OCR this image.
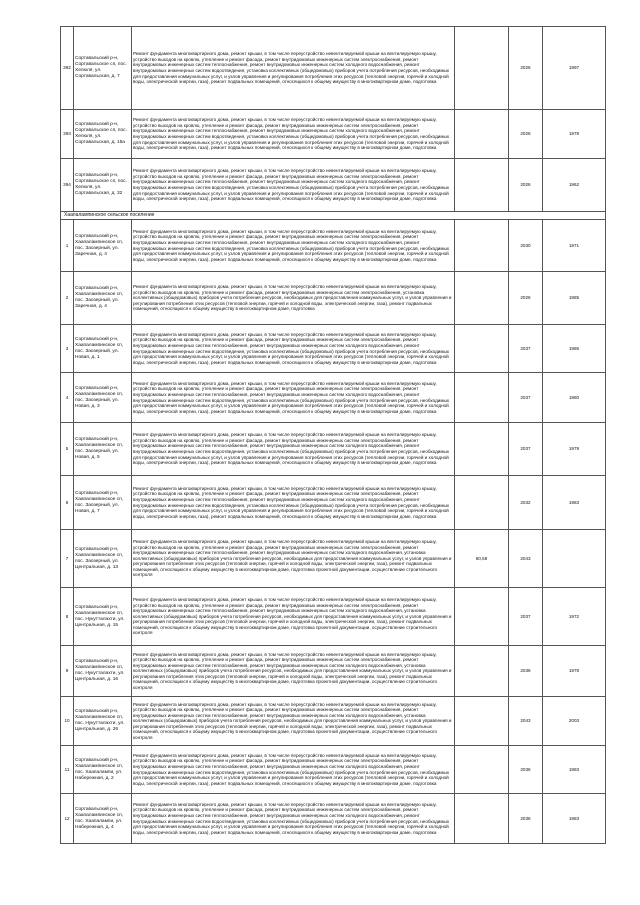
392	Сортавальский р-н, Сортавальское сп, пос. Хелюля, ул. Сортавальская, д. 7	Ремонт фундамента многоквартирного дома, ремонт крыши, в том числе переустройство невентилируемой крыши на вентилируемую крышу, устройство выходов на кровлю, утепление и ремонт фасада, ремонт внутридомовых инженерных систем электроснабжения, ремонт внутридомовых инженерных систем теплоснабжения, ремонт внутридомовых инженерных систем холодного водоснабжения, ремонт внутридомовых инженерных систем водоотведения, установка коллективных (общедомовых) приборов учета потребления ресурсов, необходимых для предоставления коммунальных услуг, и узлов управления и регулирования потребления этих ресурсов (тепловой энергии, горячей и холодной воды, электрической энергии, газа), ремонт подвальных помещений, относящихся к общему имуществу в многоквартирном доме, подготовка		2026	1997
393	Сортавальский р-н, Сортавальское сп, пос. Хелюля, ул. Сортавальская, д. 15а	Ремонт фундамента многоквартирного дома, ремонт крыши, в том числе переустройство невентилируемой крыши на вентилируемую крышу, устройство выходов на кровлю, утепление и ремонт фасада, ремонт внутридомовых инженерных систем электроснабжения, ремонт внутридомовых инженерных систем теплоснабжения, ремонт внутридомовых инженерных систем холодного водоснабжения, ремонт внутридомовых инженерных систем водоотведения, установка коллективных (общедомовых) приборов учета потребления ресурсов, необходимых для предоставления коммунальных услуг, и узлов управления и регулирования потребления этих ресурсов (тепловой энергии, горячей и холодной воды, электрической энергии, газа), ремонт подвальных помещений, относящихся к общему имуществу в многоквартирном доме, подготовка		2026	1978
394	Сортавальский р-н, Сортавальское сп, пос. Хелюля, ул. Сортавальская, д. 32	Ремонт фундамента многоквартирного дома, ремонт крыши, в том числе переустройство невентилируемой крыши на вентилируемую крышу, устройство выходов на кровлю, утепление и ремонт фасада, ремонт внутридомовых инженерных систем электроснабжения, ремонт внутридомовых инженерных систем теплоснабжения, ремонт внутридомовых инженерных систем холодного водоснабжения, ремонт внутридомовых инженерных систем водоотведения, установка коллективных (общедомовых) приборов учета потребления ресурсов, необходимых для предоставления коммунальных услуг, и узлов управления и регулирования потребления этих ресурсов (тепловой энергии, горячей и холодной воды, электрической энергии, газа), ремонт подвальных помещений, относящихся к общему имуществу в многоквартирном доме, подготовка		2026	1962
Хаапалампинское сельское поселение					
1	Сортавальский р-н, Хаапалампинское сп, пос. Заозерный, ул. Заречная, д. 4	Ремонт фундамента многоквартирного дома, ремонт крыши, в том числе переустройство невентилируемой крыши на вентилируемую крышу, устройство выходов на кровлю, утепление и ремонт фасада, ремонт внутридомовых инженерных систем электроснабжения, ремонт внутридомовых инженерных систем теплоснабжения, ремонт внутридомовых инженерных систем холодного водоснабжения, ремонт внутридомовых инженерных систем водоотведения, установка коллективных (общедомовых) приборов учета потребления ресурсов, необходимых для предоставления коммунальных услуг, и узлов управления и регулирования потребления этих ресурсов (тепловой энергии, горячей и холодной воды, электрической энергии, газа), ремонт подвальных помещений, относящихся к общему имуществу в многоквартирном доме, подготовка		2030	1971
2	Сортавальский р-н, Хаапалампинское сп, пос. Заозерный, ул. Заречная, д. 4	Ремонт фундамента многоквартирного дома, ремонт крыши, в том числе переустройство невентилируемой крыши на вентилируемую крышу, устройство выходов на кровлю, утепление и ремонт фасада, ремонт внутридомовых инженерных систем электроснабжения, установка коллективных (общедомовых) приборов учета потребления ресурсов, необходимых для предоставления коммунальных услуг, и узлов управления и регулирования потребления этих ресурсов (тепловой энергии, горячей и холодной воды, электрической энергии, газа), ремонт подвальных помещений, относящихся к общему имуществу в многоквартирном доме, подготовка		2026	1985
3	Сортавальский р-н, Хаапалампинское сп, пос. Заозерный, ул. Новая, д. 1	Ремонт фундамента многоквартирного дома, ремонт крыши, в том числе переустройство невентилируемой крыши на вентилируемую крышу, устройство выходов на кровлю, утепление и ремонт фасада, ремонт внутридомовых инженерных систем электроснабжения, ремонт внутридомовых инженерных систем теплоснабжения, ремонт внутридомовых инженерных систем холодного водоснабжения, ремонт внутридомовых инженерных систем водоотведения, установка коллективных (общедомовых) приборов учета потребления ресурсов, необходимых для предоставления коммунальных услуг, и узлов управления и регулирования потребления этих ресурсов (тепловой энергии, горячей и холодной воды, электрической энергии, газа), ремонт подвальных помещений, относящихся к общему имуществу в многоквартирном доме, подготовка		2037	1986
4	Сортавальский р-н, Хаапалампинское сп, пос. Заозерный, ул. Новая, д. 3	Ремонт фундамента многоквартирного дома, ремонт крыши, в том числе переустройство невентилируемой крыши на вентилируемую крышу, устройство выходов на кровлю, утепление и ремонт фасада, ремонт внутридомовых инженерных систем электроснабжения, ремонт внутридомовых инженерных систем теплоснабжения, ремонт внутридомовых инженерных систем холодного водоснабжения, ремонт внутридомовых инженерных систем водоотведения, установка коллективных (общедомовых) приборов учета потребления ресурсов, необходимых для предоставления коммунальных услуг, и узлов управления и регулирования потребления этих ресурсов (тепловой энергии, горячей и холодной воды, электрической энергии, газа), ремонт подвальных помещений, относящихся к общему имуществу в многоквартирном доме, подготовка		2037	1980
5	Сортавальский р-н, Хаапалампинское сп, пос. Заозерный, ул. Новая, д. 5	Ремонт фундамента многоквартирного дома, ремонт крыши, в том числе переустройство невентилируемой крыши на вентилируемую крышу, устройство выходов на кровлю, утепление и ремонт фасада, ремонт внутридомовых инженерных систем электроснабжения, ремонт внутридомовых инженерных систем теплоснабжения, ремонт внутридомовых инженерных систем холодного водоснабжения, ремонт внутридомовых инженерных систем водоотведения, установка коллективных (общедомовых) приборов учета потребления ресурсов, необходимых для предоставления коммунальных услуг, и узлов управления и регулирования потребления этих ресурсов (тепловой энергии, горячей и холодной воды, электрической энергии, газа), ремонт подвальных помещений, относящихся к общему имуществу в многоквартирном доме, подготовка		2037	1979
6	Сортавальский р-н, Хаапалампинское сп, пос. Заозерный, ул. Новая, д. 7	Ремонт фундамента многоквартирного дома, ремонт крыши, в том числе переустройство невентилируемой крыши на вентилируемую крышу, устройство выходов на кровлю, утепление и ремонт фасада, ремонт внутридомовых инженерных систем электроснабжения, ремонт внутридомовых инженерных систем теплоснабжения, ремонт внутридомовых инженерных систем холодного водоснабжения, ремонт внутридомовых инженерных систем водоотведения, установка коллективных (общедомовых) приборов учета потребления ресурсов, необходимых для предоставления коммунальных услуг, и узлов управления и регулирования потребления этих ресурсов (тепловой энергии, горячей и холодной воды, электрической энергии, газа), ремонт подвальных помещений, относящихся к общему имуществу в многоквартирном доме, подготовка		2032	1983
7	Сортавальский р-н, Хаапалампинское сп, пос. Заозерный, ул. Центральная, д. 13	Ремонт фундамента многоквартирного дома, ремонт крыши, в том числе переустройство невентилируемой крыши на вентилируемую крышу, устройство выходов на кровлю, утепление и ремонт фасада, ремонт внутридомовых инженерных систем электроснабжения, ремонт внутридомовых инженерных систем теплоснабжения, ремонт внутридомовых инженерных систем холодного водоснабжения, установка коллективных (общедомовых) приборов учета потребления ресурсов, необходимых для предоставления коммунальных услуг, и узлов управления и регулирования потребления этих ресурсов (тепловой энергии, горячей и холодной воды, электрической энергии, газа), ремонт подвальных помещений, относящихся к общему имуществу в многоквартирном доме, подготовка проектной документации, осуществление строительного контроля	60,58	2043	
8	Сортавальский р-н, Хаапалампинское сп, пос. Нукутталахти, ул. Центральная, д. 15	Ремонт фундамента многоквартирного дома, ремонт крыши, в том числе переустройство невентилируемой крыши на вентилируемую крышу, устройство выходов на кровлю, утепление и ремонт фасада, ремонт внутридомовых инженерных систем электроснабжения, ремонт внутридомовых инженерных систем теплоснабжения, ремонт внутридомовых инженерных систем холодного водоснабжения, установка коллективных (общедомовых) приборов учета потребления ресурсов, необходимых для предоставления коммунальных услуг, и узлов управления и регулирования потребления этих ресурсов (тепловой энергии, горячей и холодной воды, электрической энергии, газа), ремонт подвальных помещений, относящихся к общему имуществу в многоквартирном доме, подготовка проектной документации, осуществление строительного контроля		2037	1972
9	Сортавальский р-н, Хаапалампинское сп, пос. Нукутталахти, ул. Центральная, д. 16	Ремонт фундамента многоквартирного дома, ремонт крыши, в том числе переустройство невентилируемой крыши на вентилируемую крышу, устройство выходов на кровлю, утепление и ремонт фасада, ремонт внутридомовых инженерных систем электроснабжения, ремонт внутридомовых инженерных систем теплоснабжения, ремонт внутридомовых инженерных систем холодного водоснабжения, установка коллективных (общедомовых) приборов учета потребления ресурсов, необходимых для предоставления коммунальных услуг, и узлов управления и регулирования потребления этих ресурсов (тепловой энергии, горячей и холодной воды, электрической энергии, газа), ремонт подвальных помещений, относящихся к общему имуществу в многоквартирном доме, подготовка проектной документации, осуществление строительного контроля		2036	1978
10	Сортавальский р-н, Хаапалампинское сп, пос. Нукутталахти, ул. Центральная, д. 26	Ремонт фундамента многоквартирного дома, ремонт крыши, в том числе переустройство невентилируемой крыши на вентилируемую крышу, устройство выходов на кровлю, утепление и ремонт фасада, ремонт внутридомовых инженерных систем электроснабжения, ремонт внутридомовых инженерных систем теплоснабжения, ремонт внутридомовых инженерных систем холодного водоснабжения, установка коллективных (общедомовых) приборов учета потребления ресурсов, необходимых для предоставления коммунальных услуг, и узлов управления и регулирования потребления этих ресурсов (тепловой энергии, горячей и холодной воды, электрической энергии, газа), ремонт подвальных помещений, относящихся к общему имуществу в многоквартирном доме, подготовка проектной документации, осуществление строительного контроля		2043	2003
11	Сортавальский р-н, Хаапалампинское сп, пос. Хаапалампи, ул. Набережная, д. 2	Ремонт фундамента многоквартирного дома, ремонт крыши, в том числе переустройство невентилируемой крыши на вентилируемую крышу, устройство выходов на кровлю, утепление и ремонт фасада, ремонт внутридомовых инженерных систем электроснабжения, ремонт внутридомовых инженерных систем теплоснабжения, ремонт внутридомовых инженерных систем холодного водоснабжения, ремонт внутридомовых инженерных систем водоотведения, установка коллективных (общедомовых) приборов учета потребления ресурсов, необходимых для предоставления коммунальных услуг, и узлов управления и регулирования потребления этих ресурсов (тепловой энергии, горячей и холодной воды, электрической энергии, газа), ремонт подвальных помещений, относящихся к общему имуществу в многоквартирном доме, подготовка		2036	1983
12	Сортавальский р-н, Хаапалампинское сп, пос. Хаапалампи, ул. Набережная, д. 4	Ремонт фундамента многоквартирного дома, ремонт крыши, в том числе переустройство невентилируемой крыши на вентилируемую крышу, устройство выходов на кровлю, утепление и ремонт фасада, ремонт внутридомовых инженерных систем электроснабжения, ремонт внутридомовых инженерных систем теплоснабжения, ремонт внутридомовых инженерных систем холодного водоснабжения, ремонт внутридомовых инженерных систем водоотведения, установка коллективных (общедомовых) приборов учета потребления ресурсов, необходимых для предоставления коммунальных услуг, и узлов управления и регулирования потребления этих ресурсов (тепловой энергии, горячей и холодной воды, электрической энергии, газа), ремонт подвальных помещений, относящихся к общему имуществу в многоквартирном доме, подготовка		2036	1983
